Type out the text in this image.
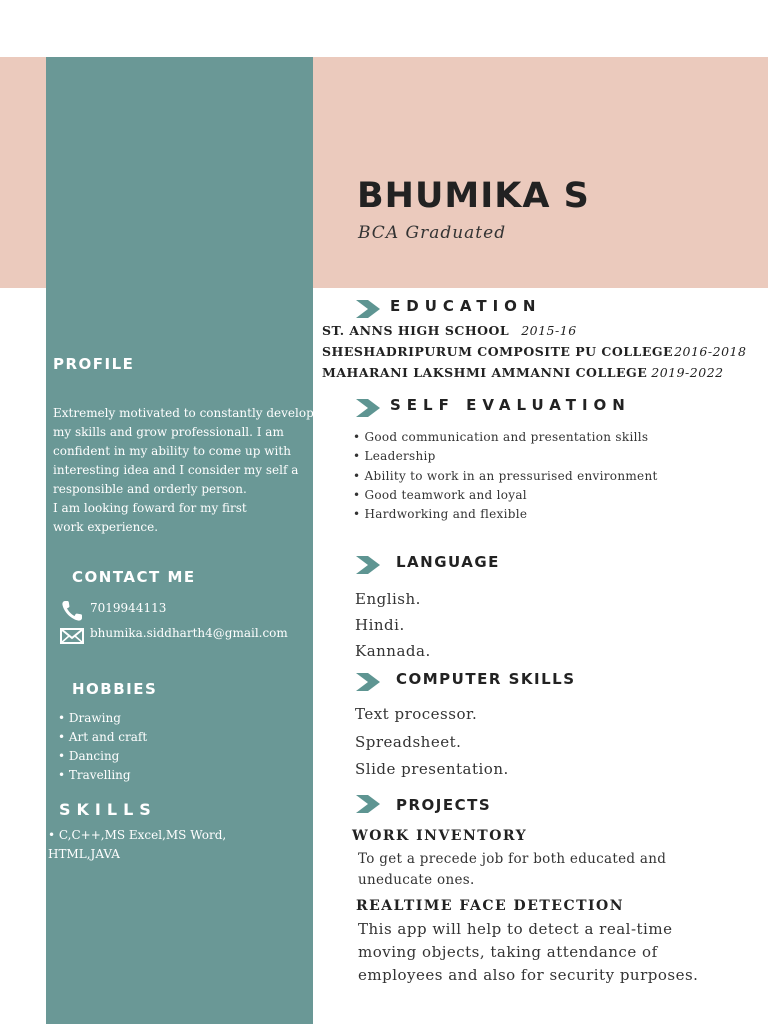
BHUMIKA S
BCA Graduated
PROFILE
Extremely motivated to constantly develop
my skills and grow professionall. I am
confident in my ability to come up with
interesting idea and I consider my self a
responsible and orderly person.
I am looking foward for my first
work experience.
CONTACT ME
7019944113
bhumika.siddharth4@gmail.com
HOBBIES
• Drawing
• Art and craft
• Dancing
• Travelling
SKILLS
• C,C++,MS Excel,MS Word,
HTML,JAVA
EDUCATION
ST. ANNS HIGH SCHOOL 2015-16
SHESHADRIPURUM COMPOSITE PU COLLEGE2016-2018
MAHARANI LAKSHMI AMMANNI COLLEGE 2019-2022
SELF EVALUATION
• Good communication and presentation skills
• Leadership
• Ability to work in an pressurised environment
• Good teamwork and loyal
• Hardworking and flexible
LANGUAGE
English.
Hindi.
Kannada.
COMPUTER SKILLS
Text processor.
Spreadsheet.
Slide presentation.
PROJECTS
WORK INVENTORY
To get a precede job for both educated and
uneducate ones.
REALTIME FACE DETECTION
This app will help to detect a real-time
moving objects, taking attendance of
employees and also for security purposes.
